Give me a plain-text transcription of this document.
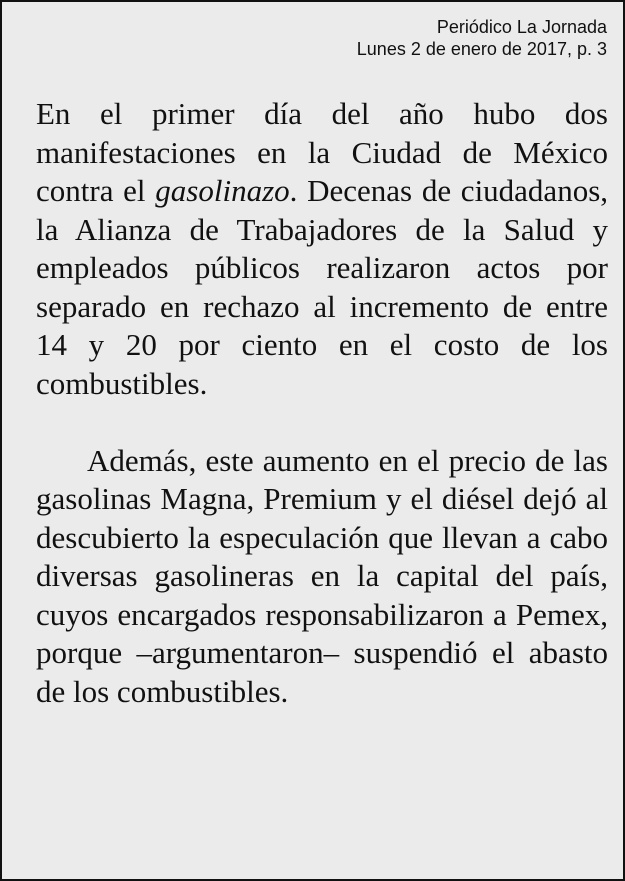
Periódico La Jornada
Lunes 2 de enero de 2017, p. 3

En el primer día del año hubo dos manifestaciones en la Ciudad de México contra el gasolinazo. Decenas de ciudadanos, la Alianza de Trabajadores de la Salud y empleados públicos realizaron actos por separado en rechazo al incremento de entre 14 y 20 por ciento en el costo de los combustibles.

Además, este aumento en el precio de las gasolinas Magna, Premium y el diésel dejó al descubierto la especulación que llevan a cabo diversas gasolineras en la capital del país, cuyos encargados responsabilizaron a Pemex, porque –argumentaron– suspendió el abasto de los combustibles.
